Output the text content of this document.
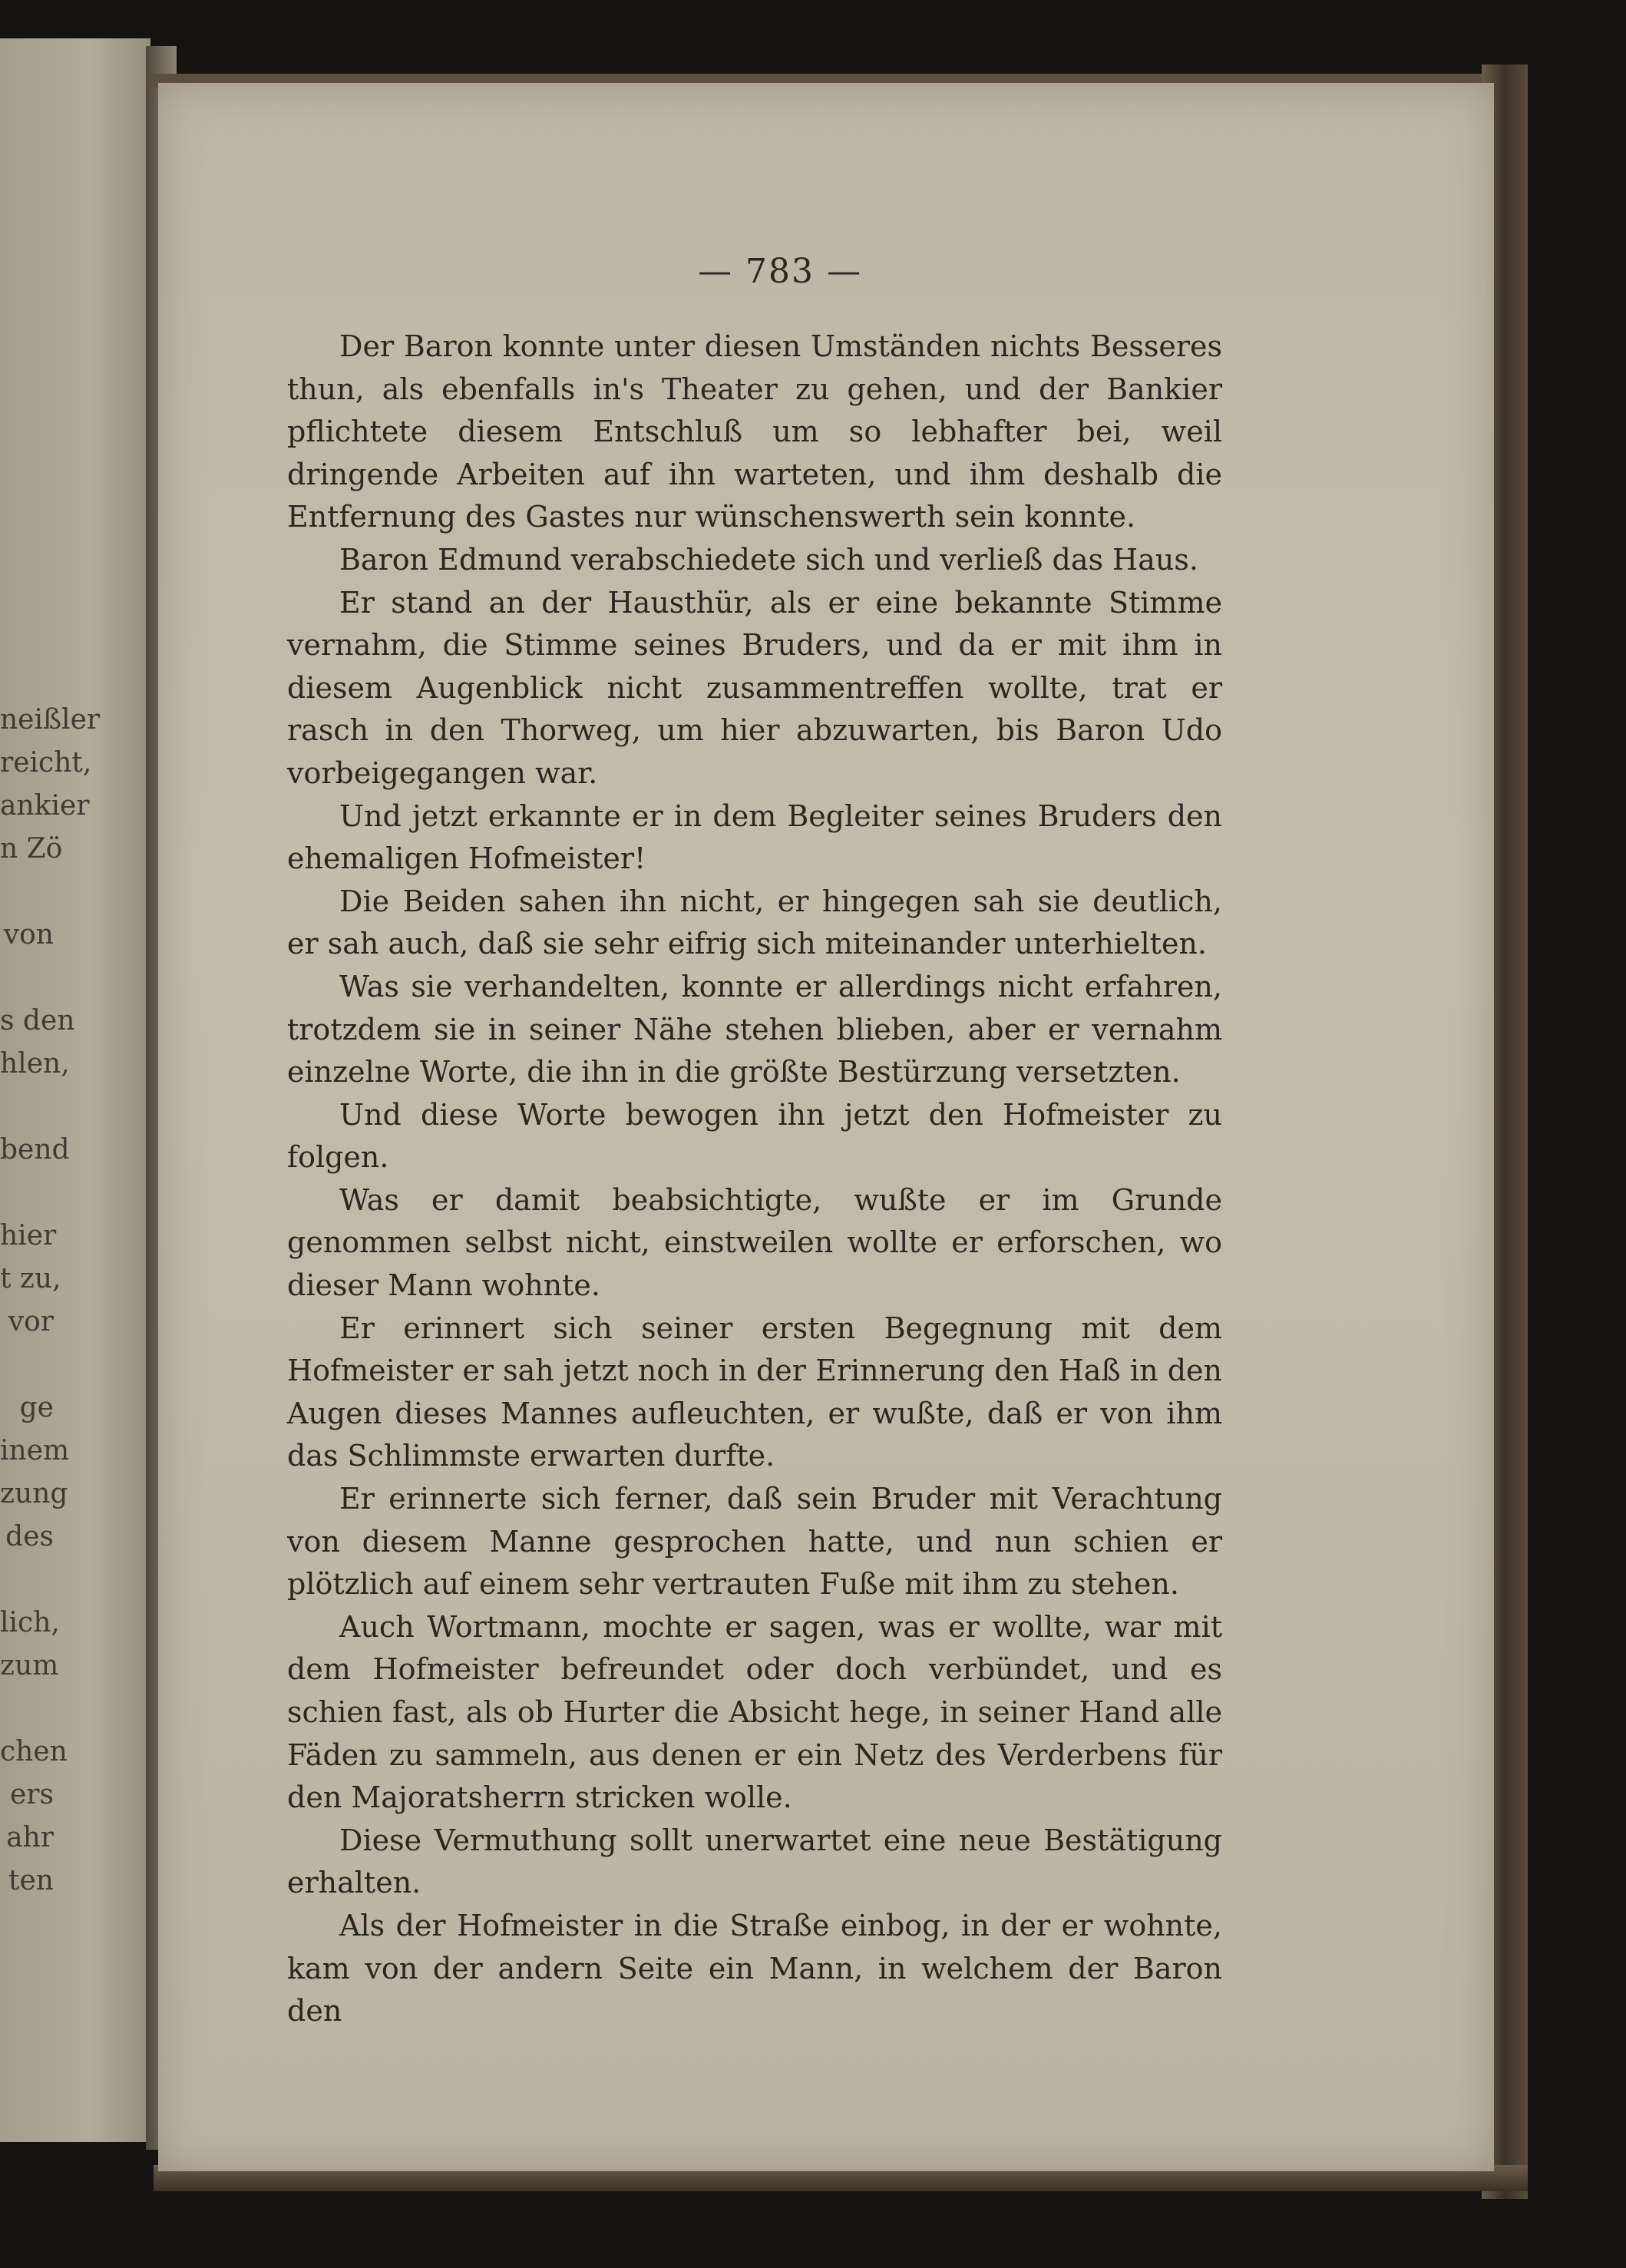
neißler
reicht,
ankier
n Zö
von
s den
hlen,
bend
hier
t zu,
vor
ge
inem
zung
des
lich,
zum
chen
ers
ahr
ten
— 783 —

Der Baron konnte unter diesen Umständen nichts Besseres thun, als ebenfalls in's Theater zu gehen, und der Bankier pflichtete diesem Entschluß um so lebhafter bei, weil dringende Arbeiten auf ihn warteten, und ihm deshalb die Entfernung des Gastes nur wünschenswerth sein konnte.

Baron Edmund verabschiedete sich und verließ das Haus.

Er stand an der Hausthür, als er eine bekannte Stimme vernahm, die Stimme seines Bruders, und da er mit ihm in diesem Augenblick nicht zusammentreffen wollte, trat er rasch in den Thorweg, um hier abzuwarten, bis Baron Udo vorbeigegangen war.

Und jetzt erkannte er in dem Begleiter seines Bruders den ehemaligen Hofmeister!

Die Beiden sahen ihn nicht, er hingegen sah sie deutlich, er sah auch, daß sie sehr eifrig sich miteinander unterhielten.

Was sie verhandelten, konnte er allerdings nicht erfahren, trotzdem sie in seiner Nähe stehen blieben, aber er vernahm einzelne Worte, die ihn in die größte Bestürzung versetzten.

Und diese Worte bewogen ihn jetzt den Hofmeister zu folgen.

Was er damit beabsichtigte, wußte er im Grunde genommen selbst nicht, einstweilen wollte er erforschen, wo dieser Mann wohnte.

Er erinnert sich seiner ersten Begegnung mit dem Hofmeister er sah jetzt noch in der Erinnerung den Haß in den Augen dieses Mannes aufleuchten, er wußte, daß er von ihm das Schlimmste erwarten durfte.

Er erinnerte sich ferner, daß sein Bruder mit Verachtung von diesem Manne gesprochen hatte, und nun schien er plötzlich auf einem sehr vertrauten Fuße mit ihm zu stehen.

Auch Wortmann, mochte er sagen, was er wollte, war mit dem Hofmeister befreundet oder doch verbündet, und es schien fast, als ob Hurter die Absicht hege, in seiner Hand alle Fäden zu sammeln, aus denen er ein Netz des Verderbens für den Majoratsherrn stricken wolle.

Diese Vermuthung sollt unerwartet eine neue Bestätigung erhalten.

Als der Hofmeister in die Straße einbog, in der er wohnte, kam von der andern Seite ein Mann, in welchem der Baron den
